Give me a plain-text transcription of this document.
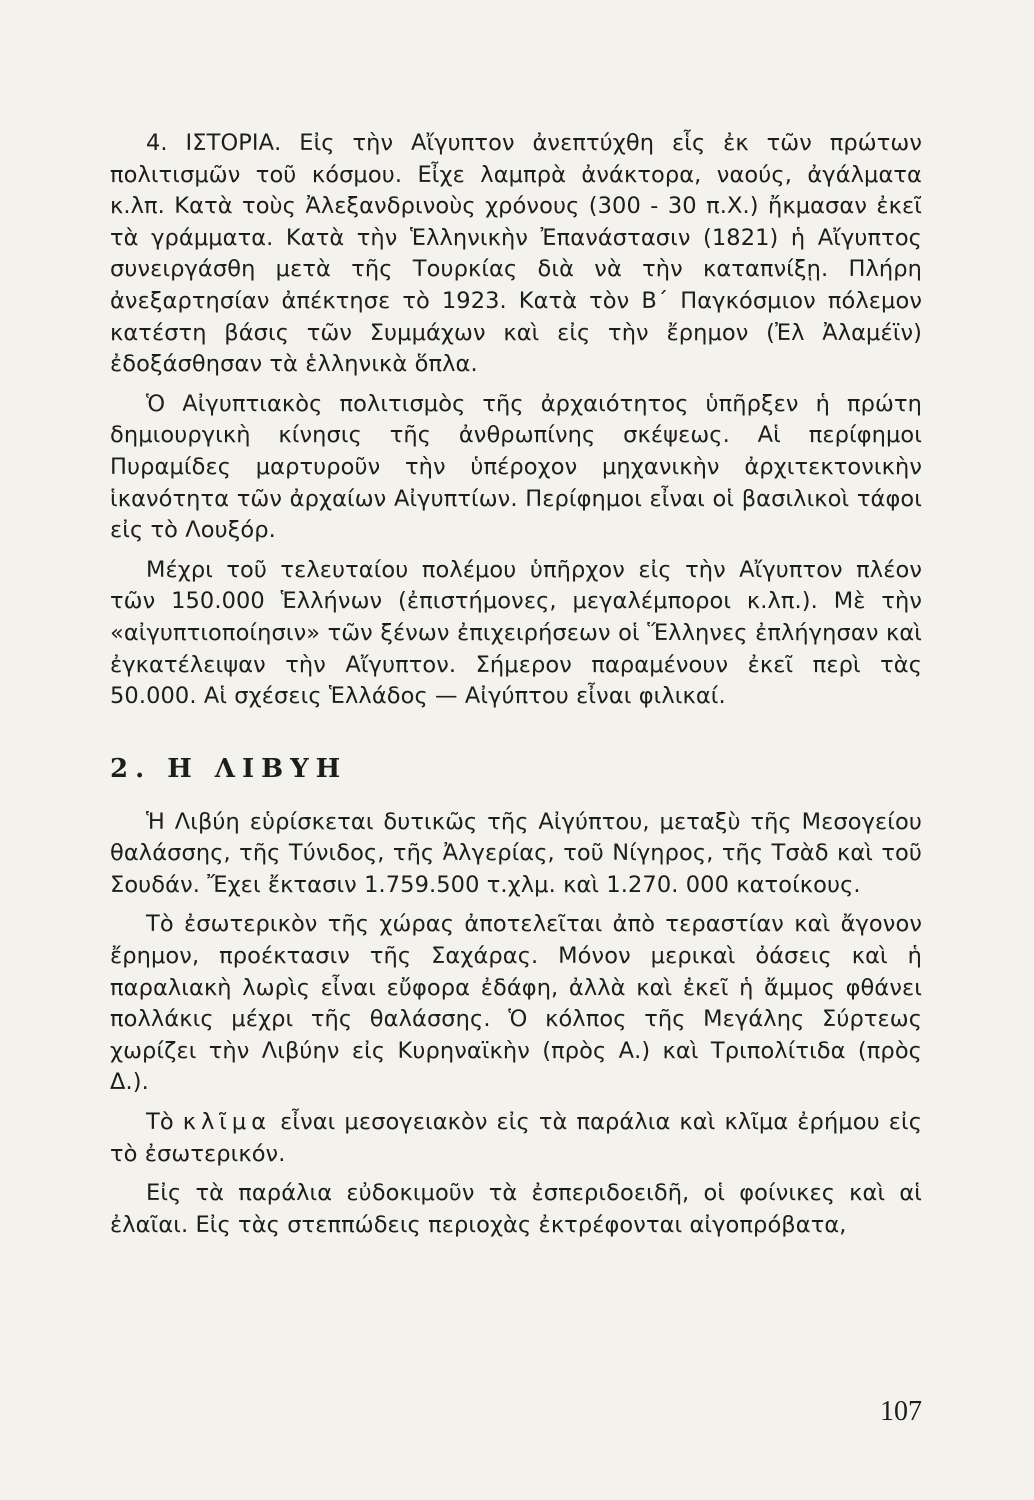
4. ΙΣΤΟΡΙΑ. Εἰς τὴν Αἴγυπτον ἀνεπτύχθη εἷς ἐκ τῶν πρώτων πολιτισμῶν τοῦ κόσμου. Εἶχε λαμπρὰ ἀνάκτορα, ναούς, ἀγάλματα κ.λπ. Κατὰ τοὺς Ἀλεξανδρινοὺς χρόνους (300 - 30 π.Χ.) ἤκμασαν ἐκεῖ τὰ γράμματα. Κατὰ τὴν Ἑλληνικὴν Ἐπανάστασιν (1821) ἡ Αἴγυπτος συνειργάσθη μετὰ τῆς Τουρκίας διὰ νὰ τὴν καταπνίξῃ. Πλήρη ἀνεξαρτησίαν ἀπέκτησε τὸ 1923. Κατὰ τὸν Β΄ Παγκόσμιον πόλεμον κατέστη βάσις τῶν Συμμάχων καὶ εἰς τὴν ἔρημον (Ἐλ Ἀλαμέϊν) ἐδοξάσθησαν τὰ ἑλληνικὰ ὅπλα.

Ὁ Αἰγυπτιακὸς πολιτισμὸς τῆς ἀρχαιότητος ὑπῆρξεν ἡ πρώτη δημιουργικὴ κίνησις τῆς ἀνθρωπίνης σκέψεως. Αἱ περίφημοι Πυραμίδες μαρτυροῦν τὴν ὑπέροχον μηχανικὴν ἀρχιτεκτονικὴν ἱκανότητα τῶν ἀρχαίων Αἰγυπτίων. Περίφημοι εἶναι οἱ βασιλικοὶ τάφοι εἰς τὸ Λουξόρ.

Μέχρι τοῦ τελευταίου πολέμου ὑπῆρχον εἰς τὴν Αἴγυπτον πλέον τῶν 150.000 Ἑλλήνων (ἐπιστήμονες, μεγαλέμποροι κ.λπ.). Μὲ τὴν «αἰγυπτιοποίησιν» τῶν ξένων ἐπιχειρήσεων οἱ Ἕλληνες ἐπλήγησαν καὶ ἐγκατέλειψαν τὴν Αἴγυπτον. Σήμερον παραμένουν ἐκεῖ περὶ τὰς 50.000. Αἱ σχέσεις Ἑλλάδος — Αἰγύπτου εἶναι φιλικαί.

2. Η ΛΙΒΥΗ

Ἡ Λιβύη εὑρίσκεται δυτικῶς τῆς Αἰγύπτου, μεταξὺ τῆς Μεσογείου θαλάσσης, τῆς Τύνιδος, τῆς Ἀλγερίας, τοῦ Νίγηρος, τῆς Τσὰδ καὶ τοῦ Σουδάν. Ἔχει ἔκτασιν 1.759.500 τ.χλμ. καὶ 1.270. 000 κατοίκους.

Τὸ ἐσωτερικὸν τῆς χώρας ἀποτελεῖται ἀπὸ τεραστίαν καὶ ἄγονον ἔρημον, προέκτασιν τῆς Σαχάρας. Μόνον μερικαὶ ὀάσεις καὶ ἡ παραλιακὴ λωρὶς εἶναι εὔφορα ἐδάφη, ἀλλὰ καὶ ἐκεῖ ἡ ἄμμος φθάνει πολλάκις μέχρι τῆς θαλάσσης. Ὁ κόλπος τῆς Μεγάλης Σύρτεως χωρίζει τὴν Λιβύην εἰς Κυρηναϊκὴν (πρὸς Α.) καὶ Τριπολίτιδα (πρὸς Δ.).

Τὸ κλῖμα εἶναι μεσογειακὸν εἰς τὰ παράλια καὶ κλῖμα ἐρήμου εἰς τὸ ἐσωτερικόν.

Εἰς τὰ παράλια εὐδοκιμοῦν τὰ ἐσπεριδοειδῆ, οἱ φοίνικες καὶ αἱ ἐλαῖαι. Εἰς τὰς στεππώδεις περιοχὰς ἐκτρέφονται αἰγοπρόβατα,

107
